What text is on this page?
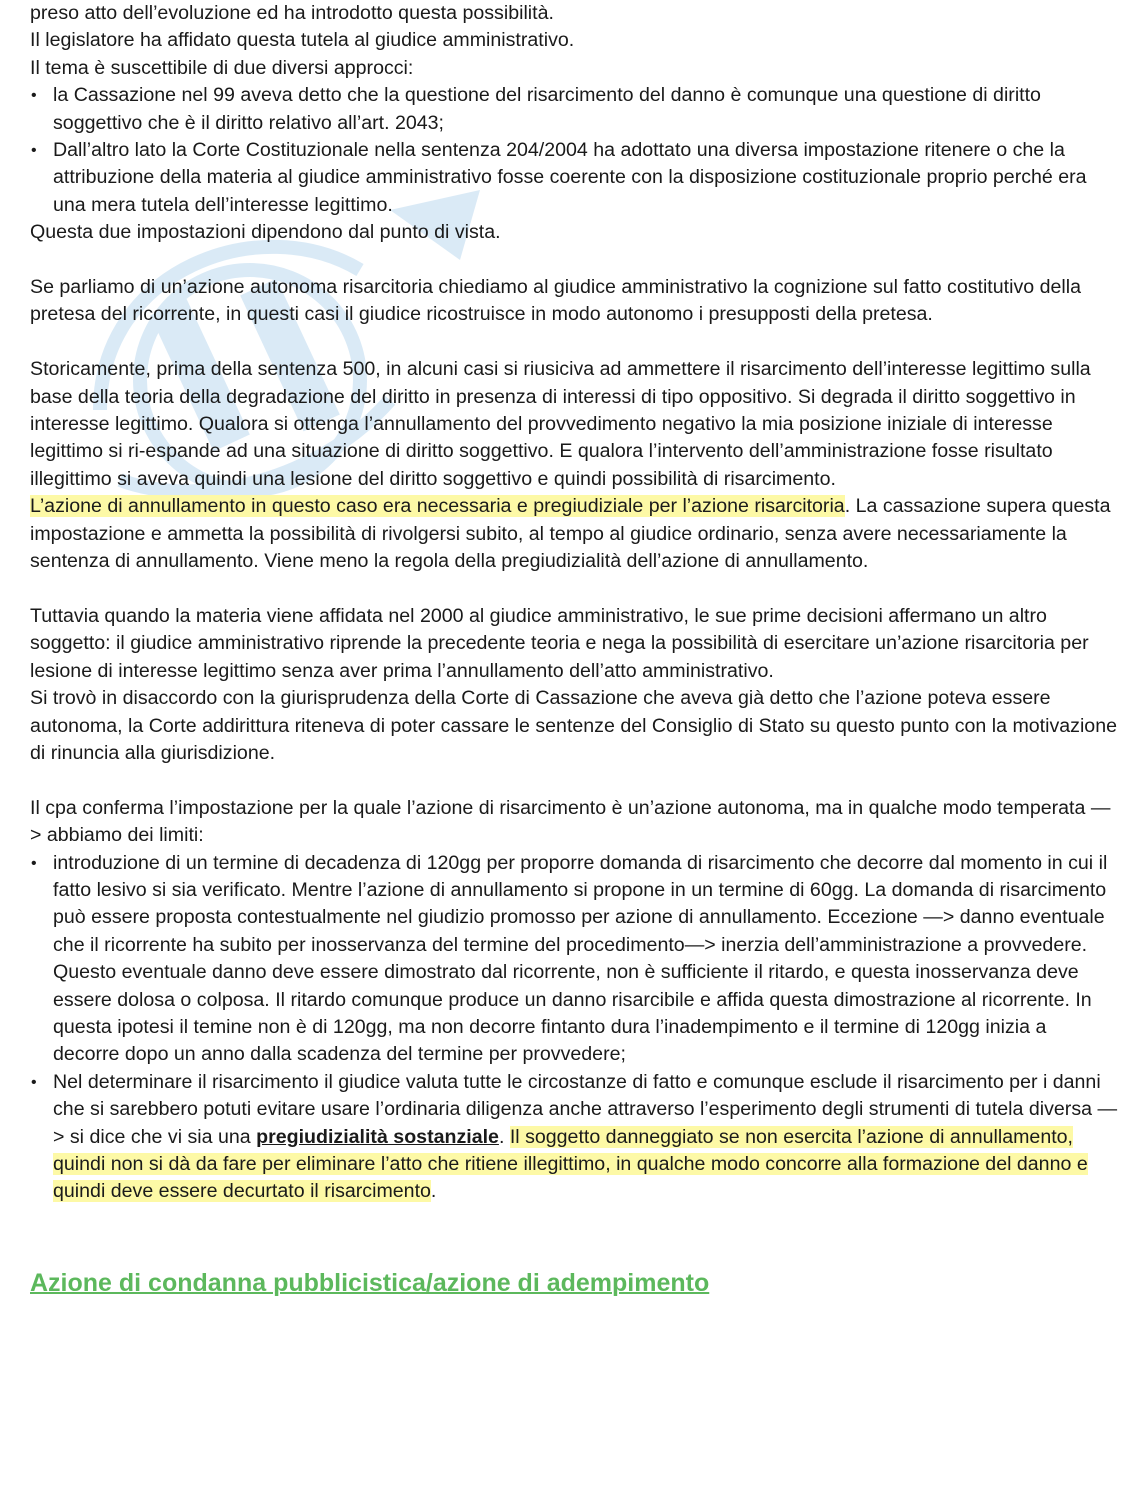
preso atto dell’evoluzione ed ha introdotto questa possibilità.

Il legislatore ha affidato questa tutela al giudice amministrativo.

Il tema è suscettibile di due diversi approcci:

• la Cassazione nel 99 aveva detto che la questione del risarcimento del danno è comunque una questione di diritto soggettivo che è il diritto relativo all’art. 2043;
• Dall’altro lato la Corte Costituzionale nella sentenza 204/2004 ha adottato una diversa impostazione ritenere o che la attribuzione della materia al giudice amministrativo fosse coerente con la disposizione costituzionale proprio perché era una mera tutela dell’interesse legittimo.

Questa due impostazioni dipendono dal punto di vista.

Se parliamo di un’azione autonoma risarcitoria chiediamo al giudice amministrativo la cognizione sul fatto costitutivo della pretesa del ricorrente, in questi casi il giudice ricostruisce in modo autonomo i presupposti della pretesa.

Storicamente, prima della sentenza 500, in alcuni casi si riusiciva ad ammettere il risarcimento dell’interesse legittimo sulla base della teoria della degradazione del diritto in presenza di interessi di tipo oppositivo. Si degrada il diritto soggettivo in interesse legittimo. Qualora si ottenga l’annullamento del provvedimento negativo la mia posizione iniziale di interesse legittimo si ri-espande ad una situazione di diritto soggettivo. E qualora l’intervento dell’amministrazione fosse risultato illegittimo si aveva quindi una lesione del diritto soggettivo e quindi possibilità di risarcimento.
L’azione di annullamento in questo caso era necessaria e pregiudiziale per l’azione risarcitoria. La cassazione supera questa impostazione e ammetta la possibilità di rivolgersi subito, al tempo al giudice ordinario, senza avere necessariamente la sentenza di annullamento. Viene meno la regola della pregiudizialità dell’azione di annullamento.

Tuttavia quando la materia viene affidata nel 2000 al giudice amministrativo, le sue prime decisioni affermano un altro soggetto: il giudice amministrativo riprende la precedente teoria e nega la possibilità di esercitare un’azione risarcitoria per lesione di interesse legittimo senza aver prima l’annullamento dell’atto amministrativo.

Si trovò in disaccordo con la giurisprudenza della Corte di Cassazione che aveva già detto che l’azione poteva essere autonoma, la Corte addirittura riteneva di poter cassare le sentenze del Consiglio di Stato su questo punto con la motivazione di rinuncia alla giurisdizione.

Il cpa conferma l’impostazione per la quale l’azione di risarcimento è un’azione autonoma, ma in qualche modo temperata —> abbiamo dei limiti:

• introduzione di un termine di decadenza di 120gg per proporre domanda di risarcimento che decorre dal momento in cui il fatto lesivo si sia verificato. Mentre l’azione di annullamento si propone in un termine di 60gg. La domanda di risarcimento può essere proposta contestualmente nel giudizio promosso per azione di annullamento. Eccezione —> danno eventuale che il ricorrente ha subito per inosservanza del termine del procedimento—> inerzia dell’amministrazione a provvedere. Questo eventuale danno deve essere dimostrato dal ricorrente, non è sufficiente il ritardo, e questa inosservanza deve essere dolosa o colposa. Il ritardo comunque produce un danno risarcibile e affida questa dimostrazione al ricorrente. In questa ipotesi il temine non è di 120gg, ma non decorre fintanto dura l’inadempimento e il termine di 120gg inizia a decorre dopo un anno dalla scadenza del termine per provvedere;
• Nel determinare il risarcimento il giudice valuta tutte le circostanze di fatto e comunque esclude il risarcimento per i danni che si sarebbero potuti evitare usare l’ordinaria diligenza anche attraverso l’esperimento degli strumenti di tutela diversa —> si dice che vi sia una pregiudizialità sostanziale. Il soggetto danneggiato se non esercita l’azione di annullamento, quindi non si dà da fare per eliminare l’atto che ritiene illegittimo, in qualche modo concorre alla formazione del danno e quindi deve essere decurtato il risarcimento.
Azione di condanna pubblicistica/azione di adempimento
